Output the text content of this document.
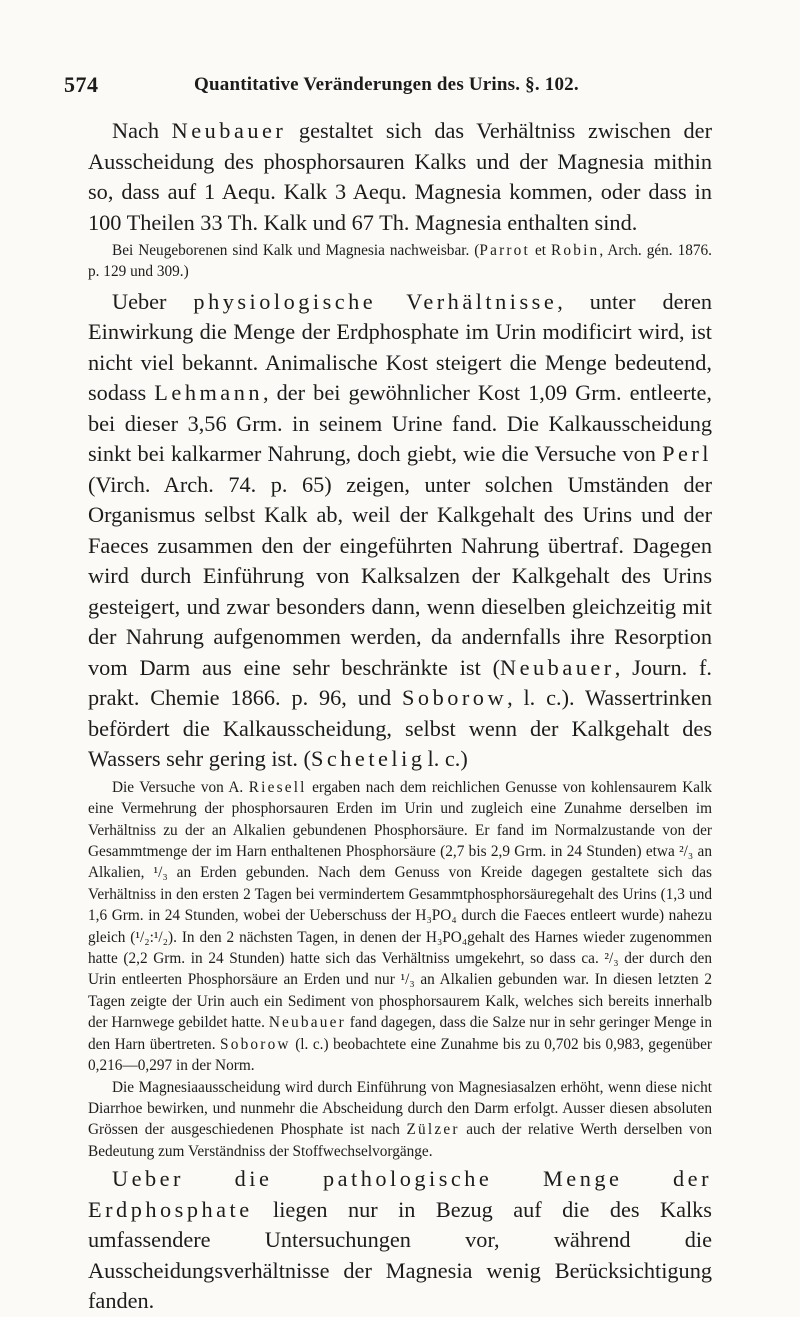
574	Quantitative Veränderungen des Urins. §. 102.

Nach Neubauer gestaltet sich das Verhältniss zwischen der Ausscheidung des phosphorsauren Kalks und der Magnesia mithin so, dass auf 1 Aequ. Kalk 3 Aequ. Magnesia kommen, oder dass in 100 Theilen 33 Th. Kalk und 67 Th. Magnesia enthalten sind.

Bei Neugeborenen sind Kalk und Magnesia nachweisbar. (Parrot et Robin, Arch. gén. 1876. p. 129 und 309.)

Ueber physiologische Verhältnisse, unter deren Einwirkung die Menge der Erdphosphate im Urin modificirt wird, ist nicht viel bekannt. Animalische Kost steigert die Menge bedeutend, sodass Lehmann, der bei gewöhnlicher Kost 1,09 Grm. entleerte, bei dieser 3,56 Grm. in seinem Urine fand. Die Kalkausscheidung sinkt bei kalkarmer Nahrung, doch giebt, wie die Versuche von Perl (Virch. Arch. 74. p. 65) zeigen, unter solchen Umständen der Organismus selbst Kalk ab, weil der Kalkgehalt des Urins und der Faeces zusammen den der eingeführten Nahrung übertraf. Dagegen wird durch Einführung von Kalksalzen der Kalkgehalt des Urins gesteigert, und zwar besonders dann, wenn dieselben gleichzeitig mit der Nahrung aufgenommen werden, da andernfalls ihre Resorption vom Darm aus eine sehr beschränkte ist (Neubauer, Journ. f. prakt. Chemie 1866. p. 96, und Soborow, l. c.). Wassertrinken befördert die Kalkausscheidung, selbst wenn der Kalkgehalt des Wassers sehr gering ist. (Schetelig l. c.)

Die Versuche von A. Riesell ergaben nach dem reichlichen Genusse von kohlensaurem Kalk eine Vermehrung der phosphorsauren Erden im Urin und zugleich eine Zunahme derselben im Verhältniss zu der an Alkalien gebundenen Phosphorsäure. Er fand im Normalzustande von der Gesammtmenge der im Harn enthaltenen Phosphorsäure (2,7 bis 2,9 Grm. in 24 Stunden) etwa ²/₃ an Alkalien, ¹/₃ an Erden gebunden. Nach dem Genuss von Kreide dagegen gestaltete sich das Verhältniss in den ersten 2 Tagen bei vermindertem Gesammtphosphorsäuregehalt des Urins (1,3 und 1,6 Grm. in 24 Stunden, wobei der Ueberschuss der H₃PO₄ durch die Faeces entleert wurde) nahezu gleich (¹/₂:¹/₂). In den 2 nächsten Tagen, in denen der H₃PO₄gehalt des Harnes wieder zugenommen hatte (2,2 Grm. in 24 Stunden) hatte sich das Verhältniss umgekehrt, so dass ca. ²/₃ der durch den Urin entleerten Phosphorsäure an Erden und nur ¹/₃ an Alkalien gebunden war. In diesen letzten 2 Tagen zeigte der Urin auch ein Sediment von phosphorsaurem Kalk, welches sich bereits innerhalb der Harnwege gebildet hatte. Neubauer fand dagegen, dass die Salze nur in sehr geringer Menge in den Harn übertreten. Soborow (l. c.) beobachtete eine Zunahme bis zu 0,702 bis 0,983, gegenüber 0,216—0,297 in der Norm.

Die Magnesiaausscheidung wird durch Einführung von Magnesiasalzen erhöht, wenn diese nicht Diarrhoe bewirken, und nunmehr die Abscheidung durch den Darm erfolgt. Ausser diesen absoluten Grössen der ausgeschiedenen Phosphate ist nach Zülzer auch der relative Werth derselben von Bedeutung zum Verständniss der Stoffwechselvorgänge.

Ueber die pathologische Menge der Erdphosphate liegen nur in Bezug auf die des Kalks umfassendere Untersuchungen vor, während die Ausscheidungsverhältnisse der Magnesia wenig Berücksichtigung fanden.
